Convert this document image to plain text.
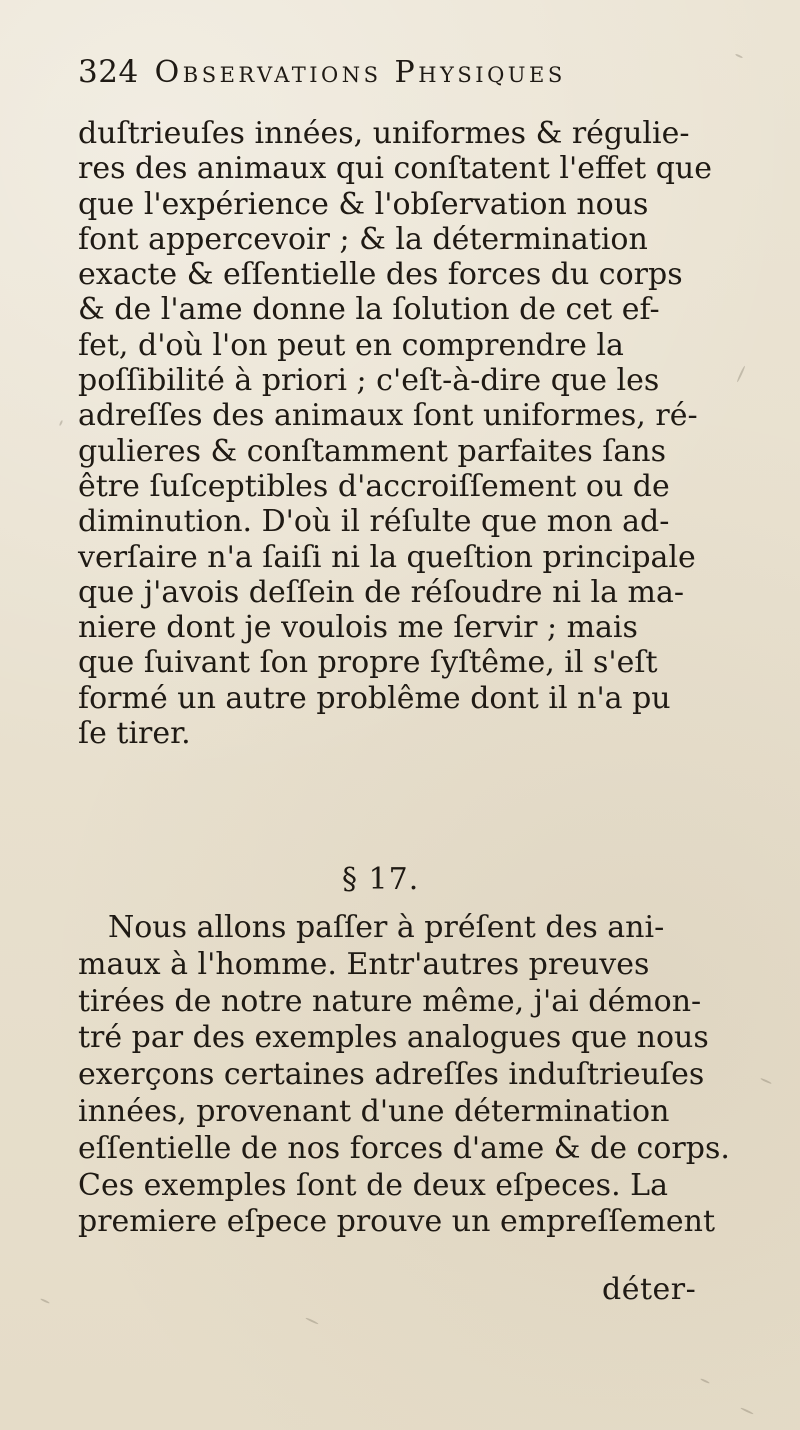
324 Observations Physiques
duſtrieuſes innées, uniformes & régulie-
res des animaux qui conſtatent l'effet que
que l'expérience & l'obſervation nous
font appercevoir ; & la détermination
exacte & eſſentielle des forces du corps
& de l'ame donne la ſolution de cet ef-
fet, d'où l'on peut en comprendre la
poſſibilité à priori ; c'eſt-à-dire que les
adreſſes des animaux ſont uniformes, ré-
gulieres & conſtamment parfaites ſans
être ſuſceptibles d'accroiſſement ou de
diminution. D'où il réſulte que mon ad-
verſaire n'a ſaiſi ni la queſtion principale
que j'avois deſſein de réſoudre ni la ma-
niere dont je voulois me ſervir ; mais
que ſuivant ſon propre ſyſtême, il s'eſt
formé un autre problême dont il n'a pu
ſe tirer.
§ 17.
Nous allons paſſer à préſent des ani-
maux à l'homme. Entr'autres preuves
tirées de notre nature même, j'ai démon-
tré par des exemples analogues que nous
exerçons certaines adreſſes induſtrieuſes
innées, provenant d'une détermination
eſſentielle de nos forces d'ame & de corps.
Ces exemples ſont de deux eſpeces. La
premiere eſpece prouve un empreſſement
déter-
